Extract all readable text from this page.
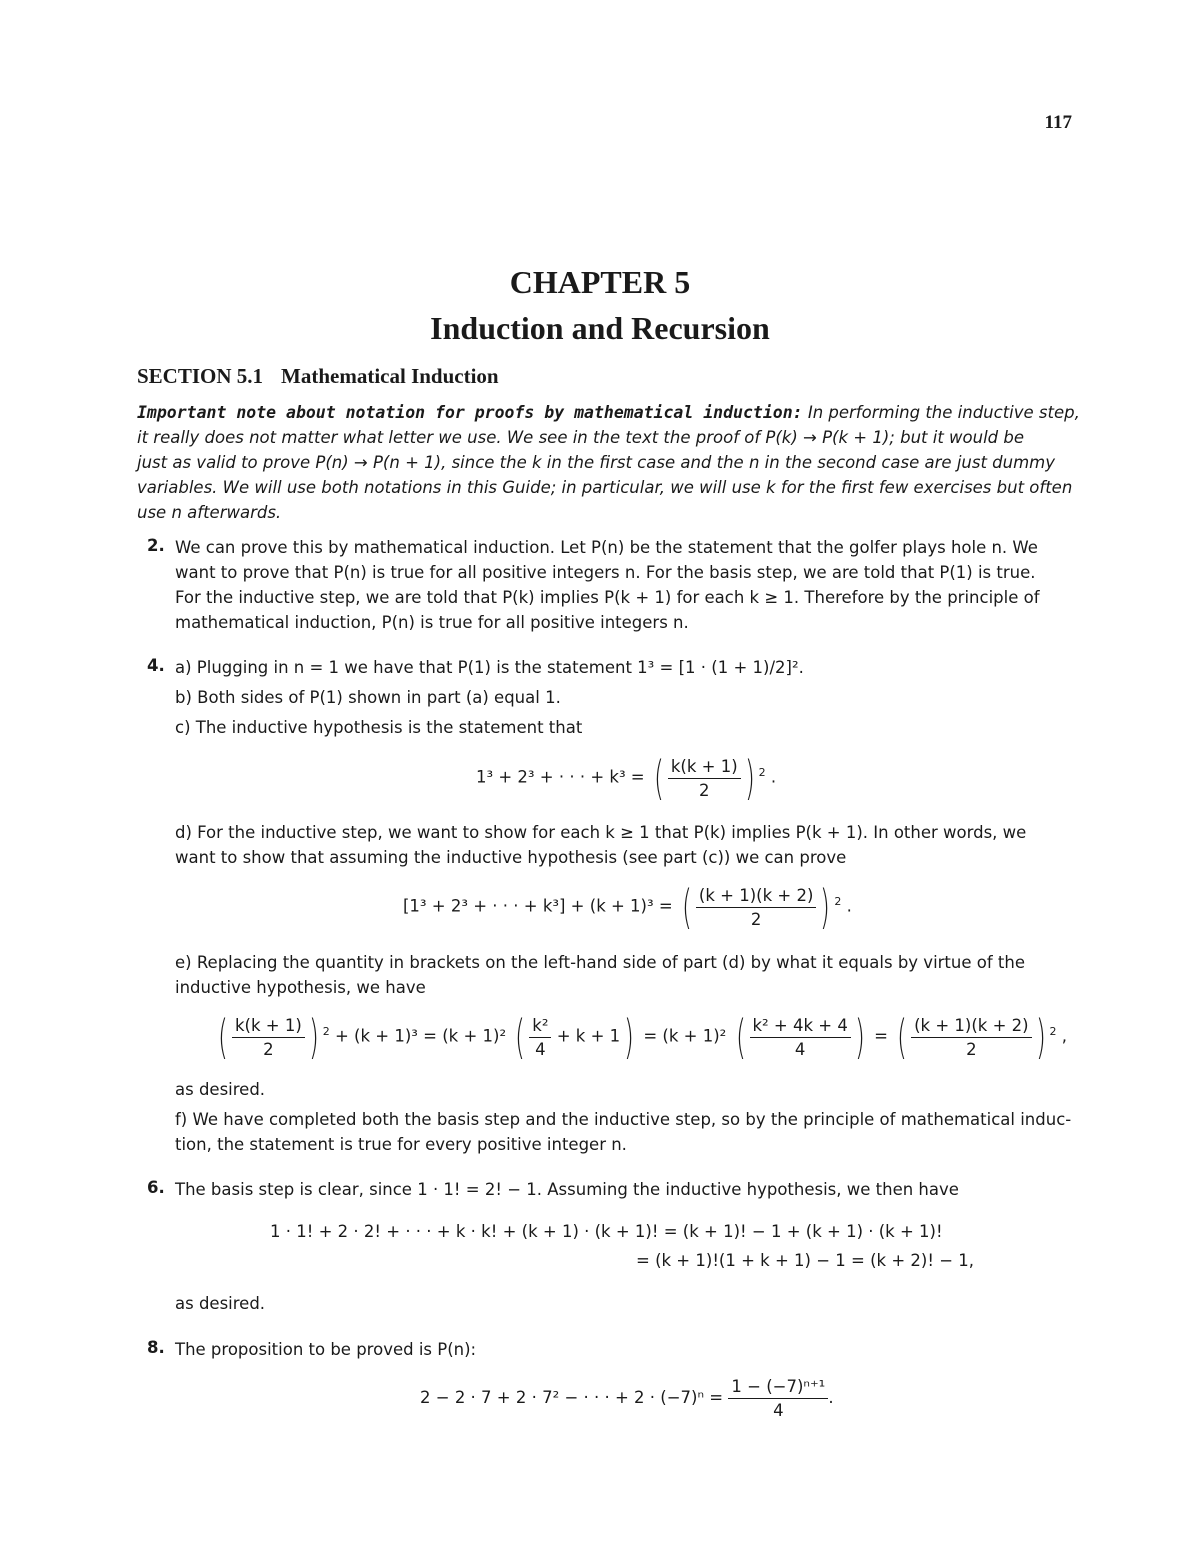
117
CHAPTER 5
Induction and Recursion
SECTION 5.1 Mathematical Induction
Important note about notation for proofs by mathematical induction: In performing the inductive step,
it really does not matter what letter we use. We see in the text the proof of P(k) → P(k + 1); but it would be
just as valid to prove P(n) → P(n + 1), since the k in the first case and the n in the second case are just dummy
variables. We will use both notations in this Guide; in particular, we will use k for the first few exercises but often
use n afterwards.
2. We can prove this by mathematical induction. Let P(n) be the statement that the golfer plays hole n. We
want to prove that P(n) is true for all positive integers n. For the basis step, we are told that P(1) is true.
For the inductive step, we are told that P(k) implies P(k + 1) for each k ≥ 1. Therefore by the principle of
mathematical induction, P(n) is true for all positive integers n.
4. a) Plugging in n = 1 we have that P(1) is the statement 1³ = [1 · (1 + 1)/2]².
b) Both sides of P(1) shown in part (a) equal 1.
c) The inductive hypothesis is the statement that
1³ + 2³ + · · · + k³ = ( $\frac{k(k + 1)}{2}$ ) $^2$ .
d) For the inductive step, we want to show for each k ≥ 1 that P(k) implies P(k + 1). In other words, we
want to show that assuming the inductive hypothesis (see part (c)) we can prove
[1³ + 2³ + · · · + k³] + (k + 1)³ = ( $\frac{(k + 1)(k + 2)}{2}$ ) $^2$ .
e) Replacing the quantity in brackets on the left-hand side of part (d) by what it equals by virtue of the
inductive hypothesis, we have
( $\frac{k(k + 1)}{2}$ ) $^2$ + (k + 1)³ = (k + 1)² ( $\frac{\text{k²}}{4} + k + 1) = (k + 1)^2$ ( $\frac{\text{k² + 4k + 4}}{4}$ ) = ( $\frac{(k + 1)(k + 2)}{2}$ ) $^2$ ,
as desired.
f) We have completed both the basis step and the inductive step, so by the principle of mathematical induc-
tion, the statement is true for every positive integer n.
6. The basis step is clear, since 1 · 1! = 2! − 1. Assuming the inductive hypothesis, we then have
1 · 1! + 2 · 2! + · · · + k · k! + (k + 1) · (k + 1)! = (k + 1)! − 1 + (k + 1) · (k + 1)!
= (k + 1)!(1 + k + 1) − 1 = (k + 2)! − 1,
as desired.
8. The proposition to be proved is P(n):
2 − 2 · 7 + 2 · 7² − · · · + $2 \cdot (-7)^n = \frac{\text{1 − (−7)ⁿ⁺¹}}{4}$ .
